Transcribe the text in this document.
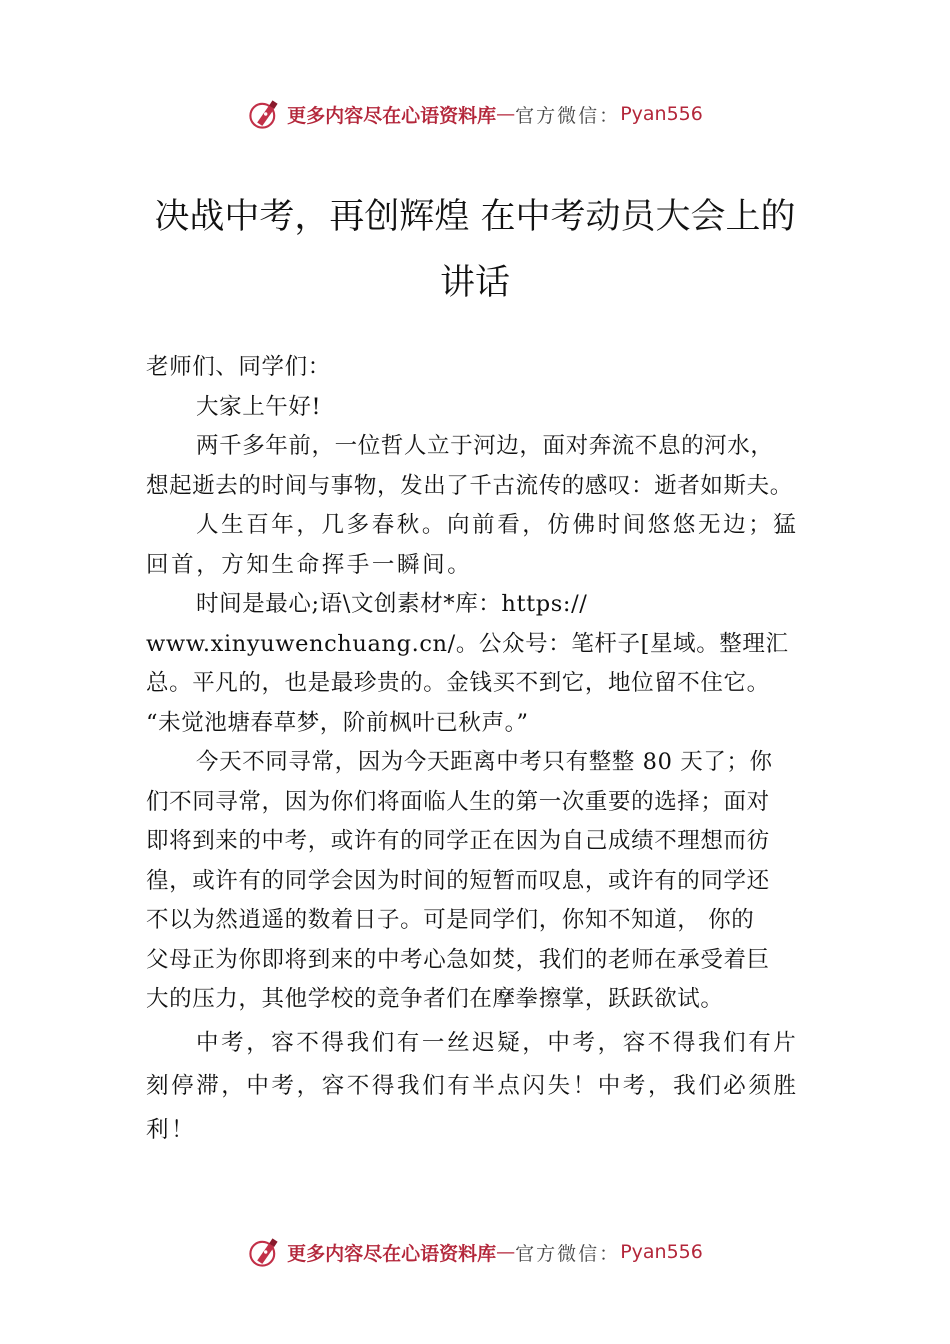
更多内容尽在心语资料库 — 官方微信： Pyan556
决战中考，再创辉煌 在中考动员大会上的
讲话
老师们、同学们：
大家上午好!
两千多年前，一位哲人立于河边，面对奔流不息的河水，
想起逝去的时间与事物，发出了千古流传的感叹：逝者如斯夫。
人生百年，几多春秋。向前看，仿佛时间悠悠无边；猛
回首，方知生命挥手一瞬间。
时间是最心;语\文创素材*库：https://
www.xinyuwenchuang.cn/。公众号：笔杆子[星域。整理汇
总。平凡的，也是最珍贵的。金钱买不到它，地位留不住它。
“未觉池塘春草梦，阶前枫叶已秋声。”
今天不同寻常，因为今天距离中考只有整整 80 天了；你
们不同寻常，因为你们将面临人生的第一次重要的选择；面对
即将到来的中考，或许有的同学正在因为自己成绩不理想而彷
徨，或许有的同学会因为时间的短暂而叹息，或许有的同学还
不以为然逍遥的数着日子。可是同学们，你知不知道， 你的
父母正为你即将到来的中考心急如焚，我们的老师在承受着巨
大的压力，其他学校的竞争者们在摩拳擦掌，跃跃欲试。
中考，容不得我们有一丝迟疑，中考，容不得我们有片
刻停滞，中考，容不得我们有半点闪失！中考，我们必须胜
利！
更多内容尽在心语资料库 — 官方微信： Pyan556
